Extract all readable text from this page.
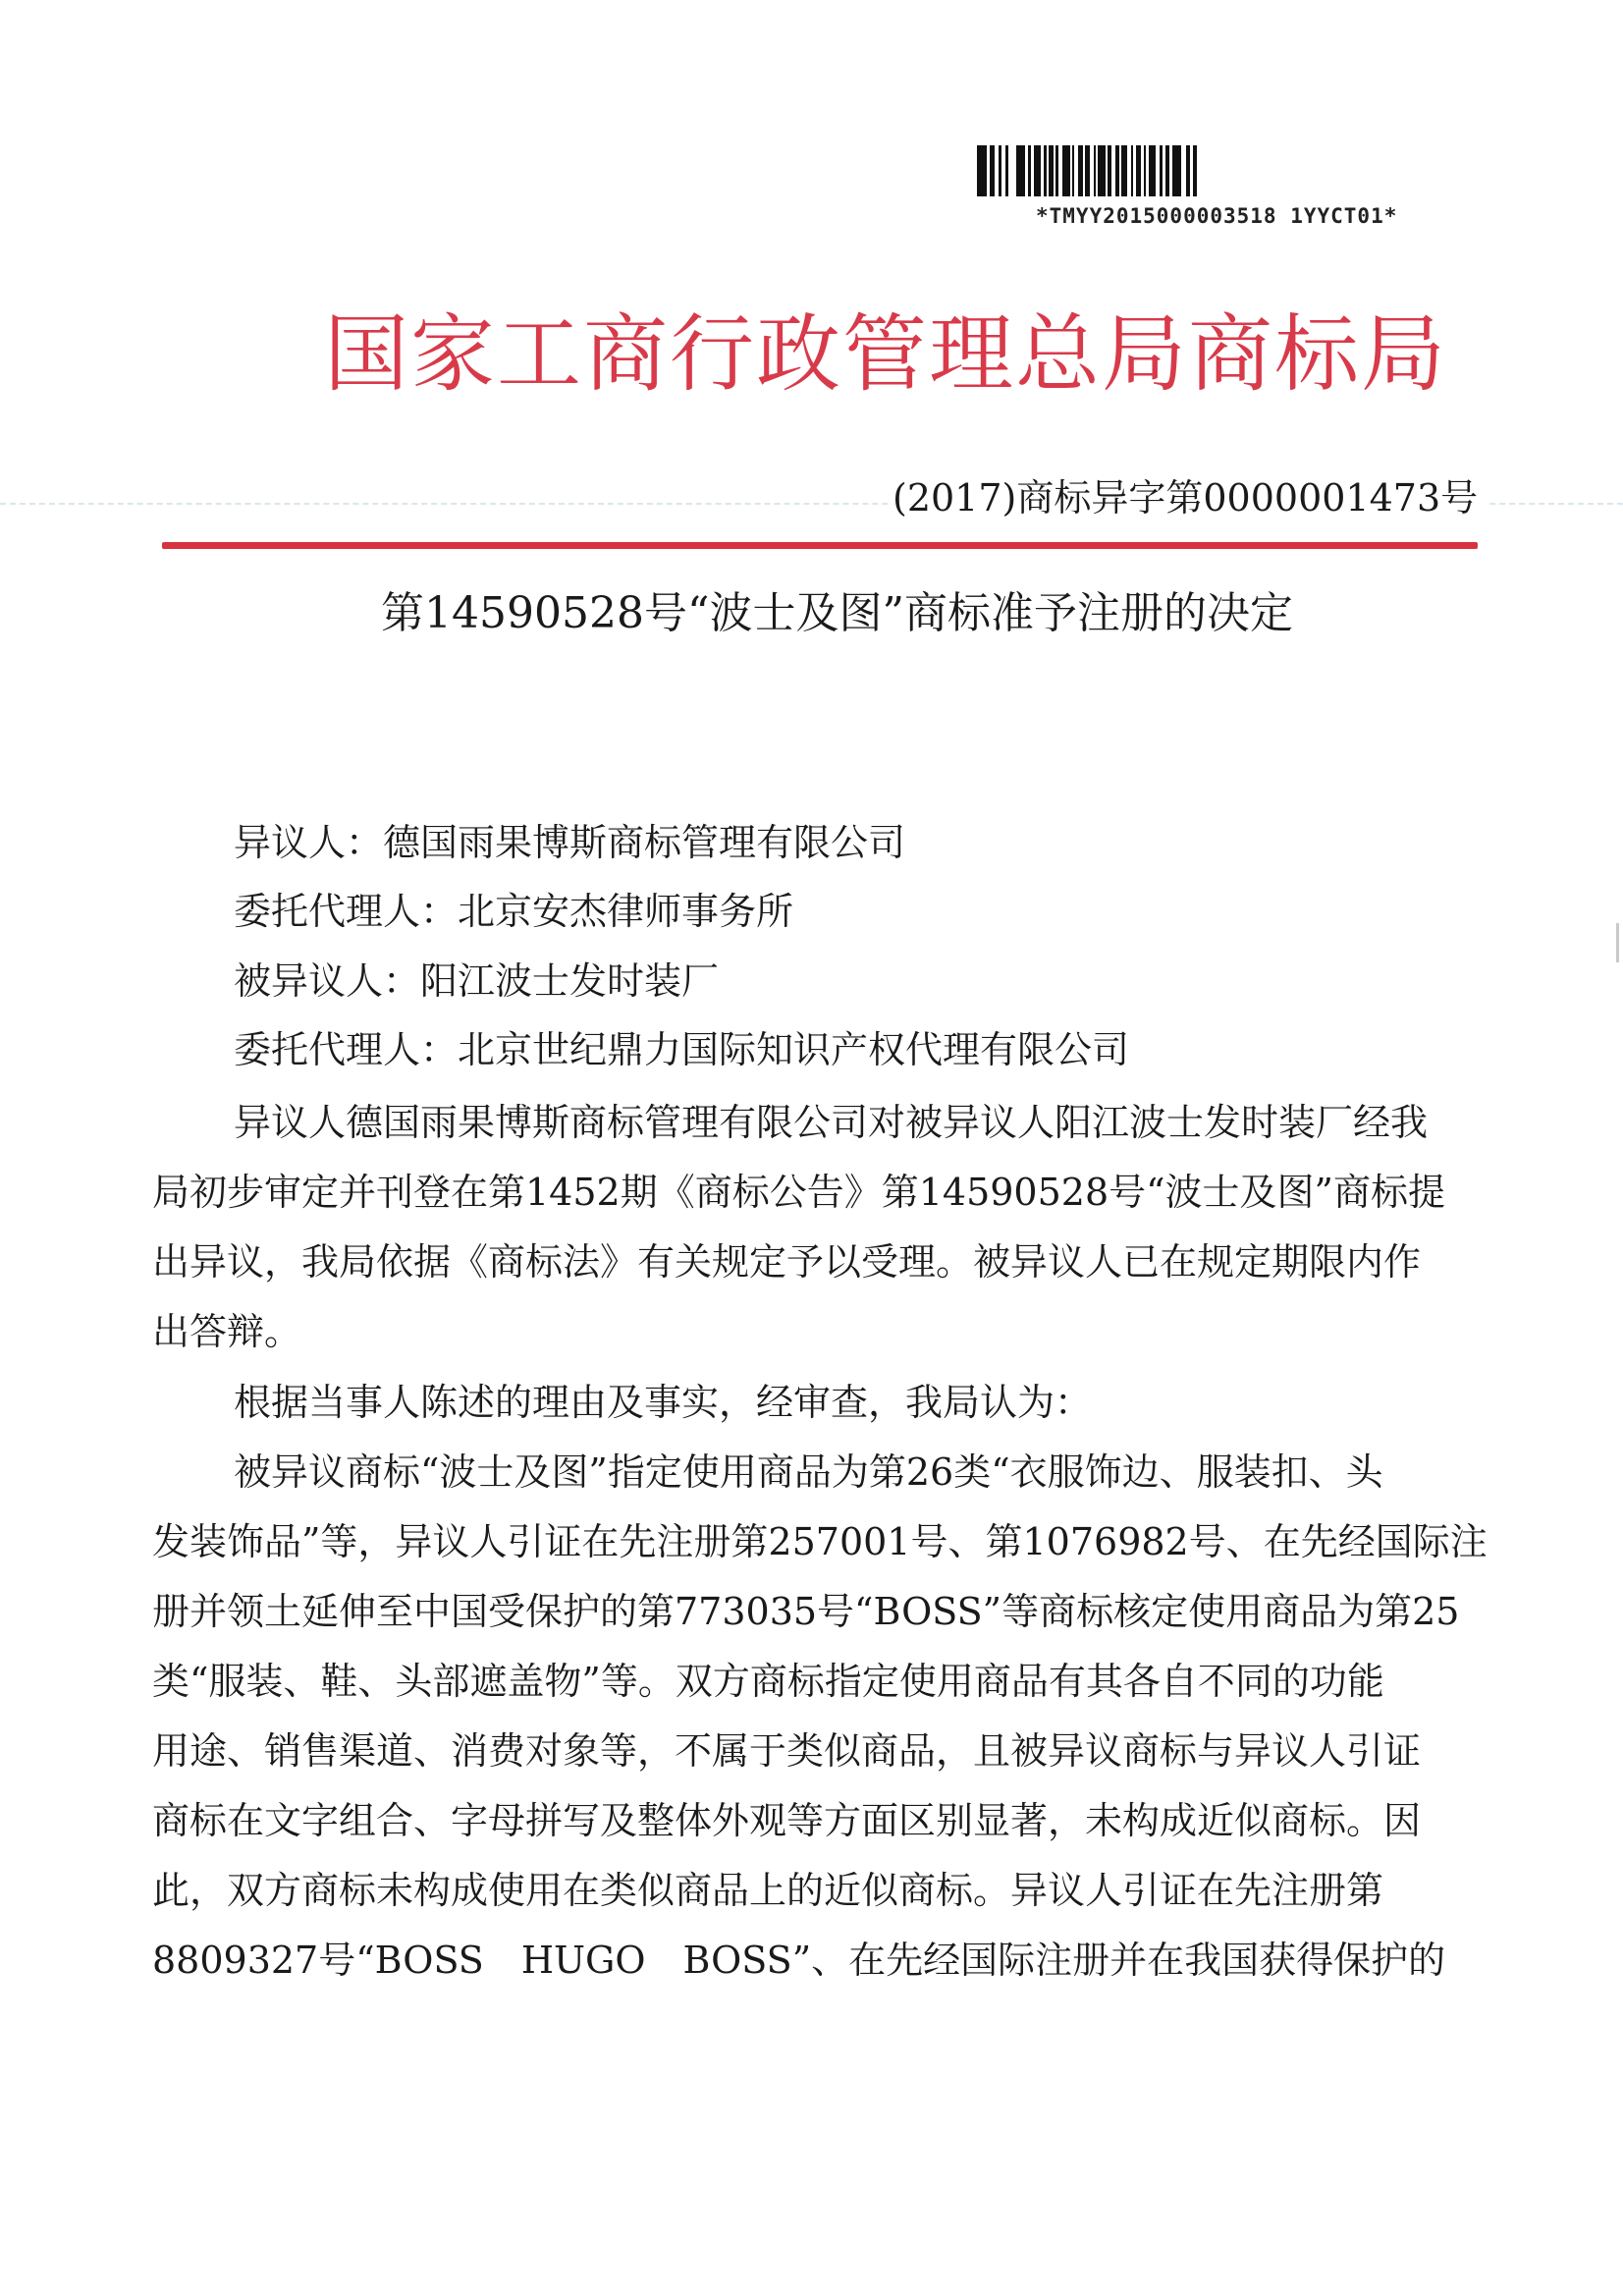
*TMYY2015000003518 1YYCT01*
国家工商行政管理总局商标局
(2017)商标异字第0000001473号
第14590528号“波士及图”商标准予注册的决定
异议人 ： 德国雨果博斯商标管理有限公司
委托代理人 ： 北京安杰律师事务所
被异议人 ： 阳江波士发时装厂
委托代理人 ： 北京世纪鼎力国际知识产权代理有限公司
异议人德国雨果博斯商标管理有限公司对被异议人阳江波士发时装厂经我
局初步审定并刊登在第1452期《商标公告》第14590528号“波士及图”商标提
出异议，我局依据《商标法》有关规定予以受理。被异议人已在规定期限内作
出答辩。
根据当事人陈述的理由及事实，经审查，我局认为：
被异议商标“波士及图”指定使用商品为第26类“衣服饰边、服装扣、头
发装饰品”等，异议人引证在先注册第257001号、第1076982号、在先经国际注
册并领土延伸至中国受保护的第773035号“BOSS”等商标核定使用商品为第25
类“服装、鞋、头部遮盖物”等。双方商标指定使用商品有其各自不同的功能
用途、销售渠道、消费对象等，不属于类似商品，且被异议商标与异议人引证
商标在文字组合、字母拼写及整体外观等方面区别显著，未构成近似商标。因
此，双方商标未构成使用在类似商品上的近似商标。异议人引证在先注册第
8809327号“BOSS　HUGO　BOSS”、在先经国际注册并在我国获得保护的
